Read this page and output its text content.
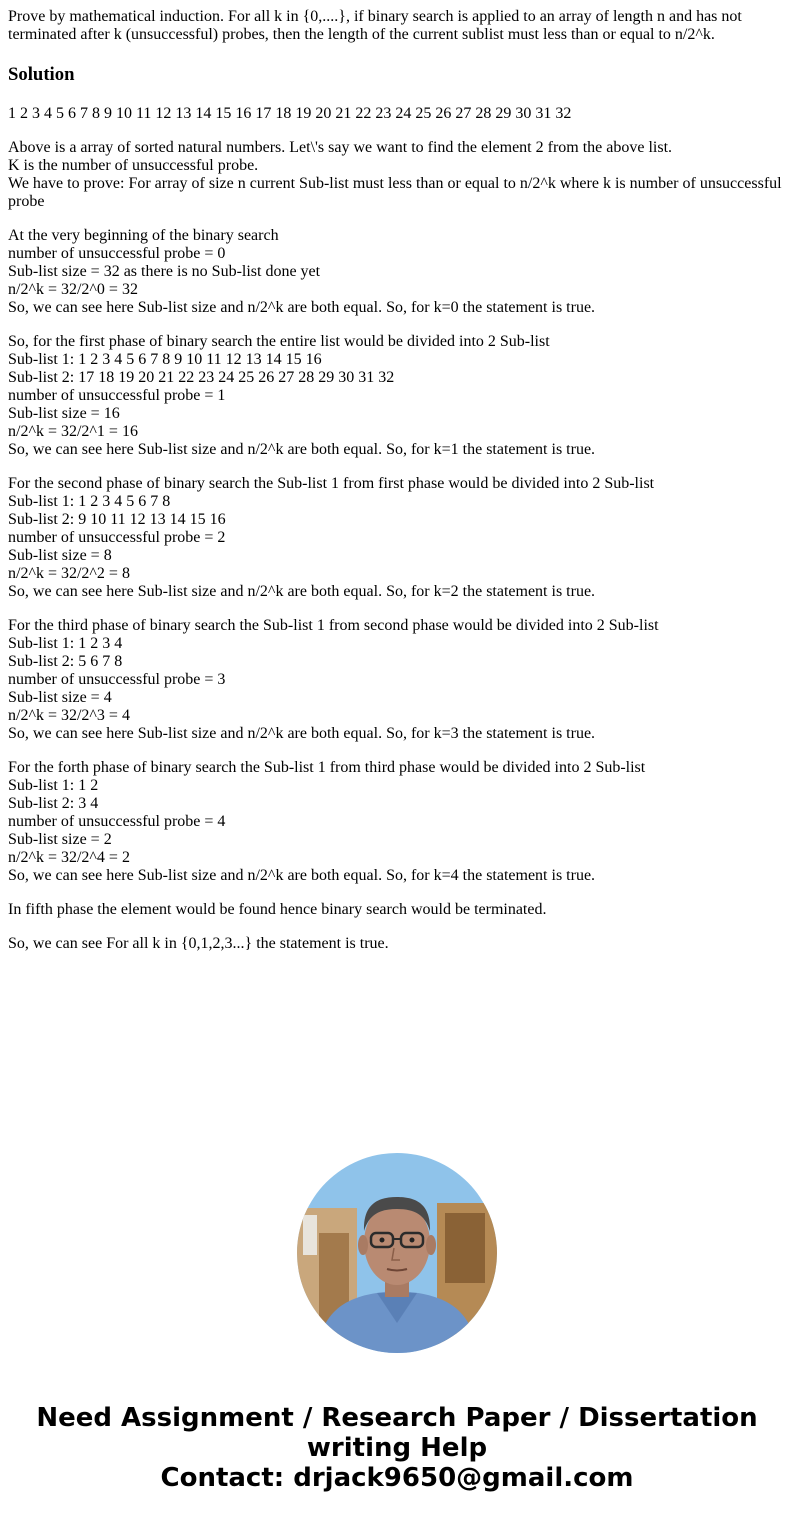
Prove by mathematical induction. For all k in {0,....}, if binary search is applied to an array of length n and has not terminated after k (unsuccessful) probes, then the length of the current sublist must less than or equal to n/2^k.

Solution

1 2 3 4 5 6 7 8 9 10 11 12 13 14 15 16 17 18 19 20 21 22 23 24 25 26 27 28 29 30 31 32

Above is a array of sorted natural numbers. Let\'s say we want to find the element 2 from the above list.
K is the number of unsuccessful probe.
We have to prove: For array of size n current Sub-list must less than or equal to n/2^k where k is number of unsuccessful probe

At the very beginning of the binary search
number of unsuccessful probe = 0
Sub-list size = 32 as there is no Sub-list done yet
n/2^k = 32/2^0 = 32
So, we can see here Sub-list size and n/2^k are both equal. So, for k=0 the statement is true.

So, for the first phase of binary search the entire list would be divided into 2 Sub-list
Sub-list 1: 1 2 3 4 5 6 7 8 9 10 11 12 13 14 15 16
Sub-list 2: 17 18 19 20 21 22 23 24 25 26 27 28 29 30 31 32
number of unsuccessful probe = 1
Sub-list size = 16
n/2^k = 32/2^1 = 16
So, we can see here Sub-list size and n/2^k are both equal. So, for k=1 the statement is true.

For the second phase of binary search the Sub-list 1 from first phase would be divided into 2 Sub-list
Sub-list 1: 1 2 3 4 5 6 7 8
Sub-list 2: 9 10 11 12 13 14 15 16
number of unsuccessful probe = 2
Sub-list size = 8
n/2^k = 32/2^2 = 8
So, we can see here Sub-list size and n/2^k are both equal. So, for k=2 the statement is true.

For the third phase of binary search the Sub-list 1 from second phase would be divided into 2 Sub-list
Sub-list 1: 1 2 3 4
Sub-list 2: 5 6 7 8
number of unsuccessful probe = 3
Sub-list size = 4
n/2^k = 32/2^3 = 4
So, we can see here Sub-list size and n/2^k are both equal. So, for k=3 the statement is true.

For the forth phase of binary search the Sub-list 1 from third phase would be divided into 2 Sub-list
Sub-list 1: 1 2
Sub-list 2: 3 4
number of unsuccessful probe = 4
Sub-list size = 2
n/2^k = 32/2^4 = 2
So, we can see here Sub-list size and n/2^k are both equal. So, for k=4 the statement is true.

In fifth phase the element would be found hence binary search would be terminated.

So, we can see For all k in {0,1,2,3...} the statement is true.

Need Assignment / Research Paper / Dissertation
writing Help
Contact: drjack9650@gmail.com
